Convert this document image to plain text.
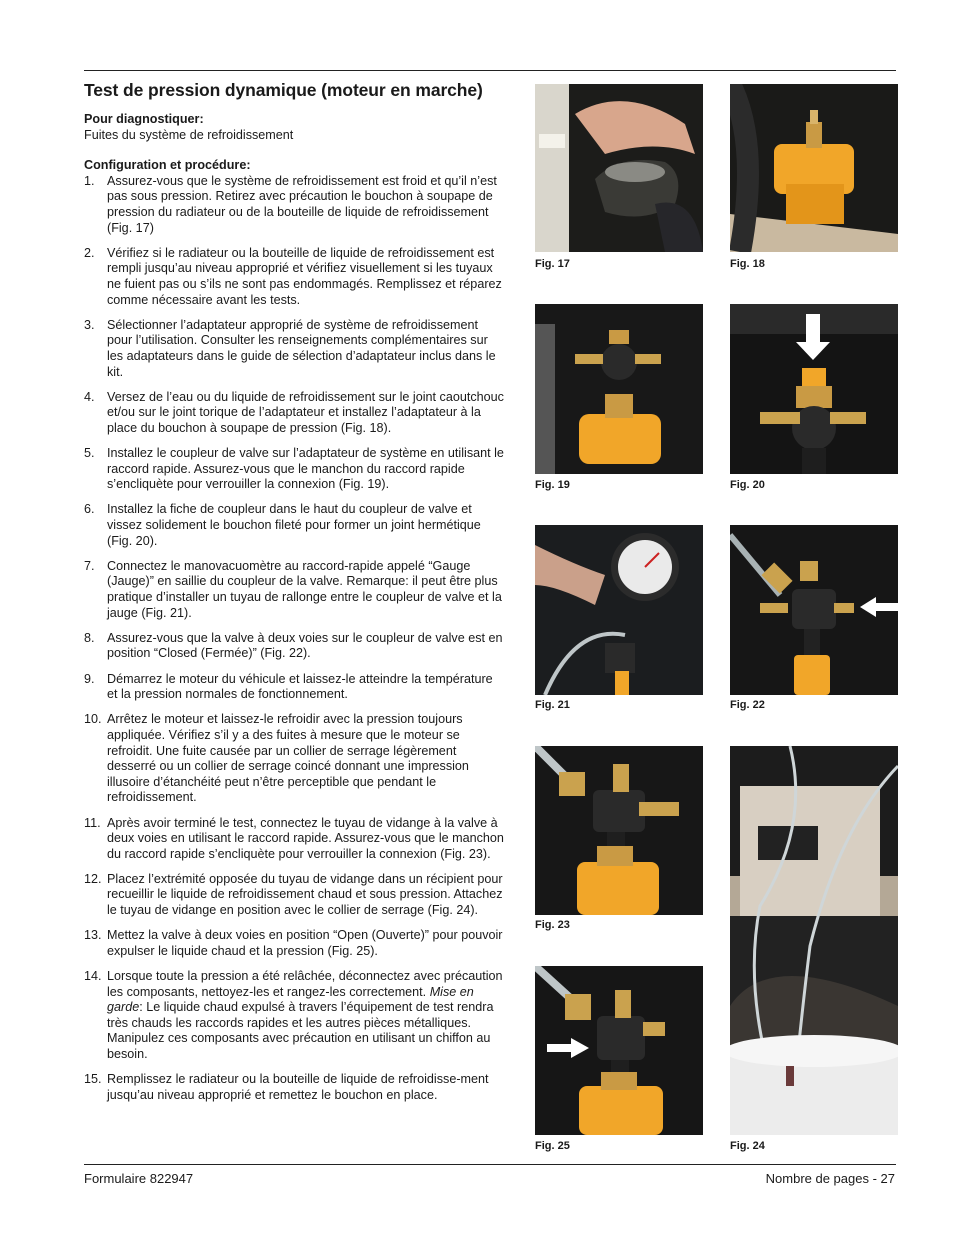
Test de pression dynamique (moteur en marche)
Pour diagnostiquer:
Fuites du système de refroidissement
Configuration et procédure:
1. Assurez-vous que le système de refroidissement est froid et qu’il n’est pas sous pression. Retirez avec précaution le bouchon à soupape de pression du radiateur ou de la bouteille de liquide de refroidissement (Fig. 17)
2. Vérifiez si le radiateur ou la bouteille de liquide de refroidissement est rempli jusqu’au niveau approprié et vérifiez visuellement si les tuyaux ne fuient pas ou s’ils ne sont pas endommagés. Remplissez et réparez comme nécessaire avant les tests.
3. Sélectionner l’adaptateur approprié de système de refroidissement pour l’utilisation. Consulter les renseignements complémentaires sur les adaptateurs dans le guide de sélection d’adaptateur inclus dans le kit.
4. Versez de l’eau ou du liquide de refroidissement sur le joint caoutchouc et/ou sur le joint torique de l’adaptateur et installez l’adaptateur à la place du bouchon à soupape de pression (Fig. 18).
5. Installez le coupleur de valve sur l’adaptateur de système en utilisant le raccord rapide. Assurez-vous que le manchon du raccord rapide s’encliquète pour verrouiller la connexion (Fig. 19).
6. Installez la fiche de coupleur dans le haut du coupleur de valve et vissez solidement le bouchon fileté pour former un joint hermétique (Fig. 20).
7. Connectez le manovacuomètre au raccord-rapide appelé “Gauge (Jauge)” en saillie du coupleur de la valve. Remarque: il peut être plus pratique d’installer un tuyau de rallonge entre le coupleur de valve et la jauge (Fig. 21).
8. Assurez-vous que la valve à deux voies sur le coupleur de valve est en position “Closed (Fermée)” (Fig. 22).
9. Démarrez le moteur du véhicule et laissez-le atteindre la température et la pression normales de fonctionnement.
10. Arrêtez le moteur et laissez-le refroidir avec la pression toujours appliquée. Vérifiez s’il y a des fuites à mesure que le moteur se refroidit. Une fuite causée par un collier de serrage légèrement desserré ou un collier de serrage coincé donnant une impression illusoire d’étanchéité peut n’être perceptible que pendant le refroidissement.
11. Après avoir terminé le test, connectez le tuyau de vidange à la valve à deux voies en utilisant le raccord rapide. Assurez-vous que le manchon du raccord rapide s’encliquète pour verrouiller la connexion (Fig. 23).
12. Placez l’extrémité opposée du tuyau de vidange dans un récipient pour recueillir le liquide de refroidissement chaud et sous pression. Attachez le tuyau de vidange en position avec le collier de serrage (Fig. 24).
13. Mettez la valve à deux voies en position “Open (Ouverte)” pour pouvoir expulser le liquide chaud et la pression (Fig. 25).
14. Lorsque toute la pression a été relâchée, déconnectez avec précaution les composants, nettoyez-les et rangez-les correctement. Mise en garde: Le liquide chaud expulsé à travers l’équipement de test rendra très chauds les raccords rapides et les autres pièces métalliques. Manipulez ces composants avec précaution en utilisant un chiffon au besoin.
15. Remplissez le radiateur ou la bouteille de liquide de refroidisse-ment jusqu’au niveau approprié et remettez le bouchon en place.
Fig. 17	Fig. 18
Fig. 19	Fig. 20
Fig. 21	Fig. 22
Fig. 23
Fig. 24
Fig. 25
Formulaire 822947	Nombre de pages - 27
